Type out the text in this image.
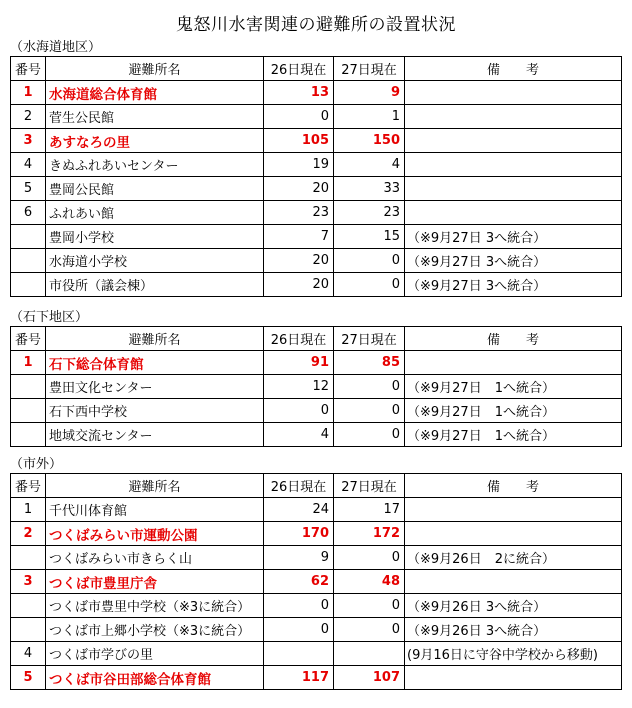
鬼怒川水害関連の避難所の設置状況
（水海道地区）
番号	避難所名	26日現在	27日現在	備　　考
1	水海道総合体育館	13	9	
2	菅生公民館	0	1	
3	あすなろの里	105	150	
4	きぬふれあいセンター	19	4	
5	豊岡公民館	20	33	
6	ふれあい館	23	23	
	豊岡小学校	7	15	（※9月27日 3へ統合）
	水海道小学校	20	0	（※9月27日 3へ統合）
	市役所（議会棟）	20	0	（※9月27日 3へ統合）
（石下地区）
番号	避難所名	26日現在	27日現在	備　　考
1	石下総合体育館	91	85	
	豊田文化センター	12	0	（※9月27日　1へ統合）
	石下西中学校	0	0	（※9月27日　1へ統合）
	地域交流センター	4	0	（※9月27日　1へ統合）
（市外）
番号	避難所名	26日現在	27日現在	備　　考
1	千代川体育館	24	17	
2	つくばみらい市運動公園	170	172	
	つくばみらい市きらく山	9	0	（※9月26日　2に統合）
3	つくば市豊里庁舎	62	48	
	つくば市豊里中学校（※3に統合）	0	0	（※9月26日 3へ統合）
	つくば市上郷小学校（※3に統合）	0	0	（※9月26日 3へ統合）
4	つくば市学びの里			(9月16日に守谷中学校から移動)
5	つくば市谷田部総合体育館	117	107	
